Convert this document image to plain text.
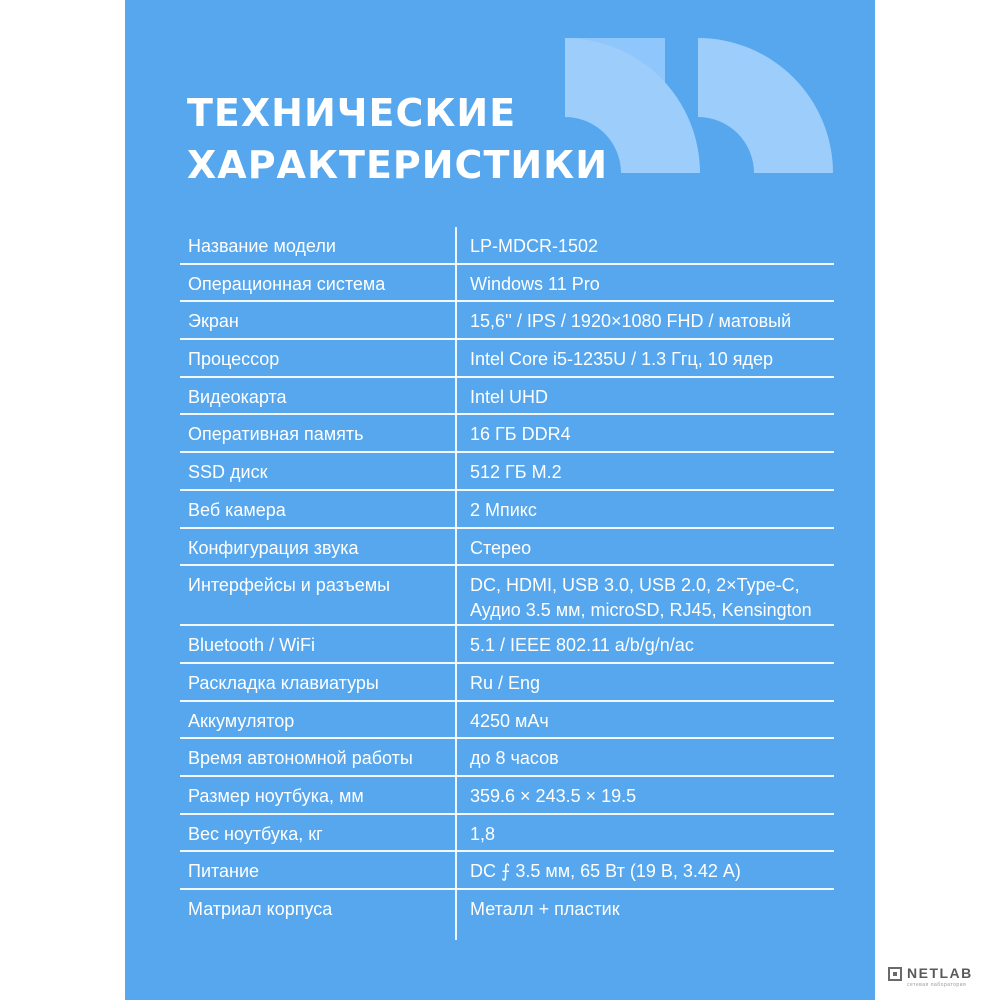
ТЕХНИЧЕСКИЕ
ХАРАКТЕРИСТИКИ
Название модели	LP-MDCR-1502
Операционная система	Windows 11 Pro
Экран	15,6'' / IPS / 1920×1080 FHD / матовый
Процессор	Intel Core i5-1235U / 1.3 Ггц, 10 ядер
Видеокарта	Intel UHD
Оперативная память	16 ГБ DDR4
SSD диск	512 ГБ M.2
Веб камера	2 Мпикс
Конфигурация звука	Стерео
Интерфейсы и разъемы	DC, HDMI, USB 3.0, USB 2.0, 2×Type-C,
Аудио 3.5 мм, microSD, RJ45, Kensington
Bluetooth / WiFi	5.1 / IEEE 802.11 a/b/g/n/ac
Раскладка клавиатуры	Ru / Eng
Аккумулятор	4250 мАч
Время автономной работы	до 8 часов
Размер ноутбука, мм	359.6 × 243.5 × 19.5
Вес ноутбука, кг	1,8
Питание	DC ⨍ 3.5 мм, 65 Вт (19 В, 3.42 А)
Матриал корпуса	Металл + пластик
NETLAB
сетевая лаборатория
